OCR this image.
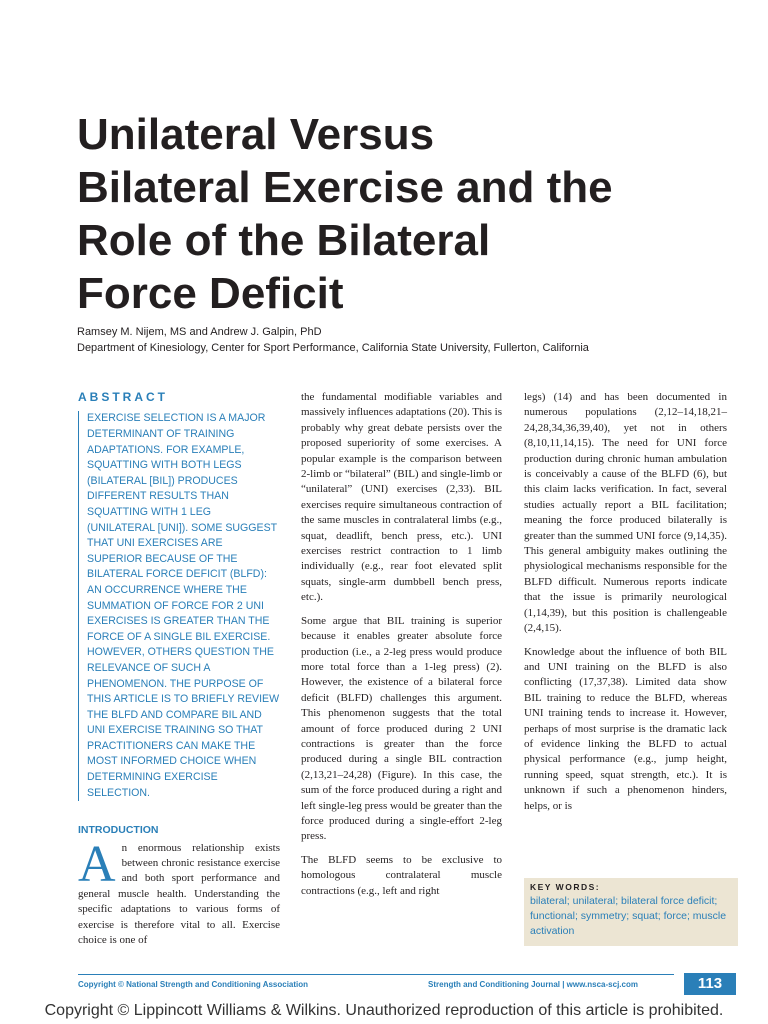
Unilateral Versus
Bilateral Exercise and the
Role of the Bilateral
Force Deficit
Ramsey M. Nijem, MS and Andrew J. Galpin, PhD
Department of Kinesiology, Center for Sport Performance, California State University, Fullerton, California
ABSTRACT
EXERCISE SELECTION IS A MAJOR DETERMINANT OF TRAINING ADAPTATIONS. FOR EXAMPLE, SQUATTING WITH BOTH LEGS (BILATERAL [BIL]) PRODUCES DIFFERENT RESULTS THAN SQUATTING WITH 1 LEG (UNILATERAL [UNI]). SOME SUGGEST THAT UNI EXERCISES ARE SUPERIOR BECAUSE OF THE BILATERAL FORCE DEFICIT (BLFD): AN OCCURRENCE WHERE THE SUMMATION OF FORCE FOR 2 UNI EXERCISES IS GREATER THAN THE FORCE OF A SINGLE BIL EXERCISE. HOWEVER, OTHERS QUESTION THE RELEVANCE OF SUCH A PHENOMENON. THE PURPOSE OF THIS ARTICLE IS TO BRIEFLY REVIEW THE BLFD AND COMPARE BIL AND UNI EXERCISE TRAINING SO THAT PRACTITIONERS CAN MAKE THE MOST INFORMED CHOICE WHEN DETERMINING EXERCISE SELECTION.
INTRODUCTION
A n enormous relationship exists between chronic resistance exercise and both sport performance and general muscle health. Understanding the specific adaptations to various forms of exercise is therefore vital to all. Exercise choice is one of

the fundamental modifiable variables and massively influences adaptations (20). This is probably why great debate persists over the proposed superiority of some exercises. A popular example is the comparison between 2-limb or “bilateral” (BIL) and single-limb or “unilateral” (UNI) exercises (2,33). BIL exercises require simultaneous contraction of the same muscles in contralateral limbs (e.g., squat, deadlift, bench press, etc.). UNI exercises restrict contraction to 1 limb individually (e.g., rear foot elevated split squats, single-arm dumbbell bench press, etc.).

Some argue that BIL training is superior because it enables greater absolute force production (i.e., a 2-leg press would produce more total force than a 1-leg press) (2). However, the existence of a bilateral force deficit (BLFD) challenges this argument. This phenomenon suggests that the total amount of force produced during 2 UNI contractions is greater than the force produced during a single BIL contraction (2,13,21–24,28) (Figure). In this case, the sum of the force produced during a right and left single-leg press would be greater than the force produced during a single-effort 2-leg press.

The BLFD seems to be exclusive to homologous contralateral muscle contractions (e.g., left and right

legs) (14) and has been documented in numerous populations (2,12–14,18,21–24,28,34,36,39,40), yet not in others (8,10,11,14,15). The need for UNI force production during chronic human ambulation is conceivably a cause of the BLFD (6), but this claim lacks verification. In fact, several studies actually report a BIL facilitation; meaning the force produced bilaterally is greater than the summed UNI force (9,14,35). This general ambiguity makes outlining the physiological mechanisms responsible for the BLFD difficult. Numerous reports indicate that the issue is primarily neurological (1,14,39), but this position is challengeable (2,4,15).

Knowledge about the influence of both BIL and UNI training on the BLFD is also conflicting (17,37,38). Limited data show BIL training to reduce the BLFD, whereas UNI training tends to increase it. However, perhaps of most surprise is the dramatic lack of evidence linking the BLFD to actual physical performance (e.g., jump height, running speed, squat strength, etc.). It is unknown if such a phenomenon hinders, helps, or is

KEY WORDS:
bilateral; unilateral; bilateral force deficit; functional; symmetry; squat; force; muscle activation
Copyright © National Strength and Conditioning Association	Strength and Conditioning Journal | www.nsca-scj.com	113
Copyright © Lippincott Williams & Wilkins. Unauthorized reproduction of this article is prohibited.
